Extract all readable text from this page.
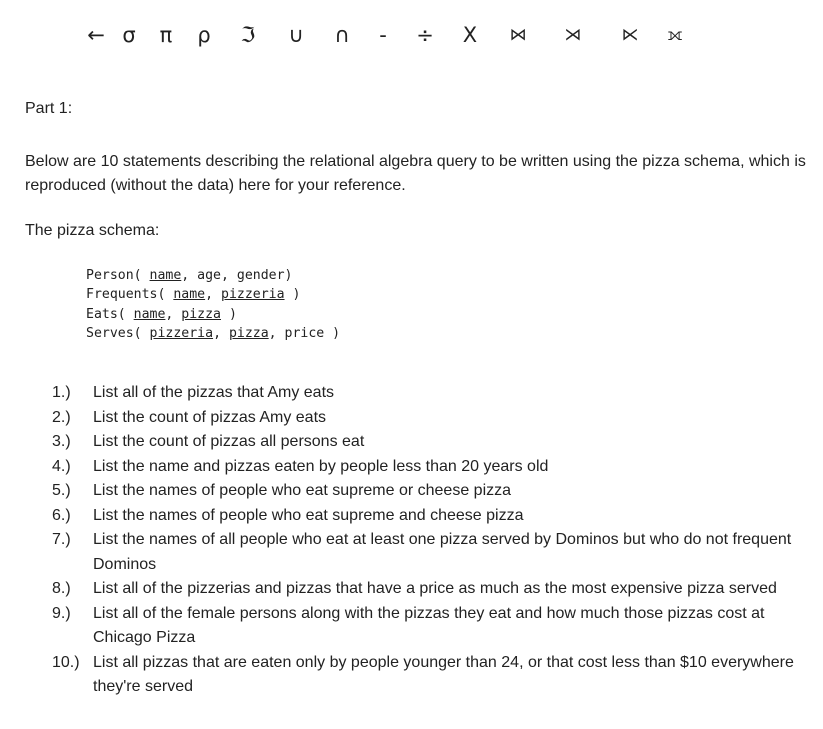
← σ	π	ρ	ℑ	∪	∩	-	÷	X	⋈	⋊	⋉	⟗
Part 1:
Below are 10 statements describing the relational algebra query to be written using the pizza schema, which is reproduced (without the data) here for your reference.
The pizza schema:
Person( name, age, gender)
Frequents( name, pizzeria )
Eats( name, pizza )
Serves( pizzeria, pizza, price )
1.)	List all of the pizzas that Amy eats
2.)	List the count of pizzas Amy eats
3.)	List the count of pizzas all persons eat
4.)	List the name and pizzas eaten by people less than 20 years old
5.)	List the names of people who eat supreme or cheese pizza
6.)	List the names of people who eat supreme and cheese pizza
7.)	List the names of all people who eat at least one pizza served by Dominos but who do not frequent Dominos
8.)	List all of the pizzerias and pizzas that have a price as much as the most expensive pizza served
9.)	List all of the female persons along with the pizzas they eat and how much those pizzas cost at Chicago Pizza
10.) List all pizzas that are eaten only by people younger than 24, or that cost less than $10 everywhere they're served
